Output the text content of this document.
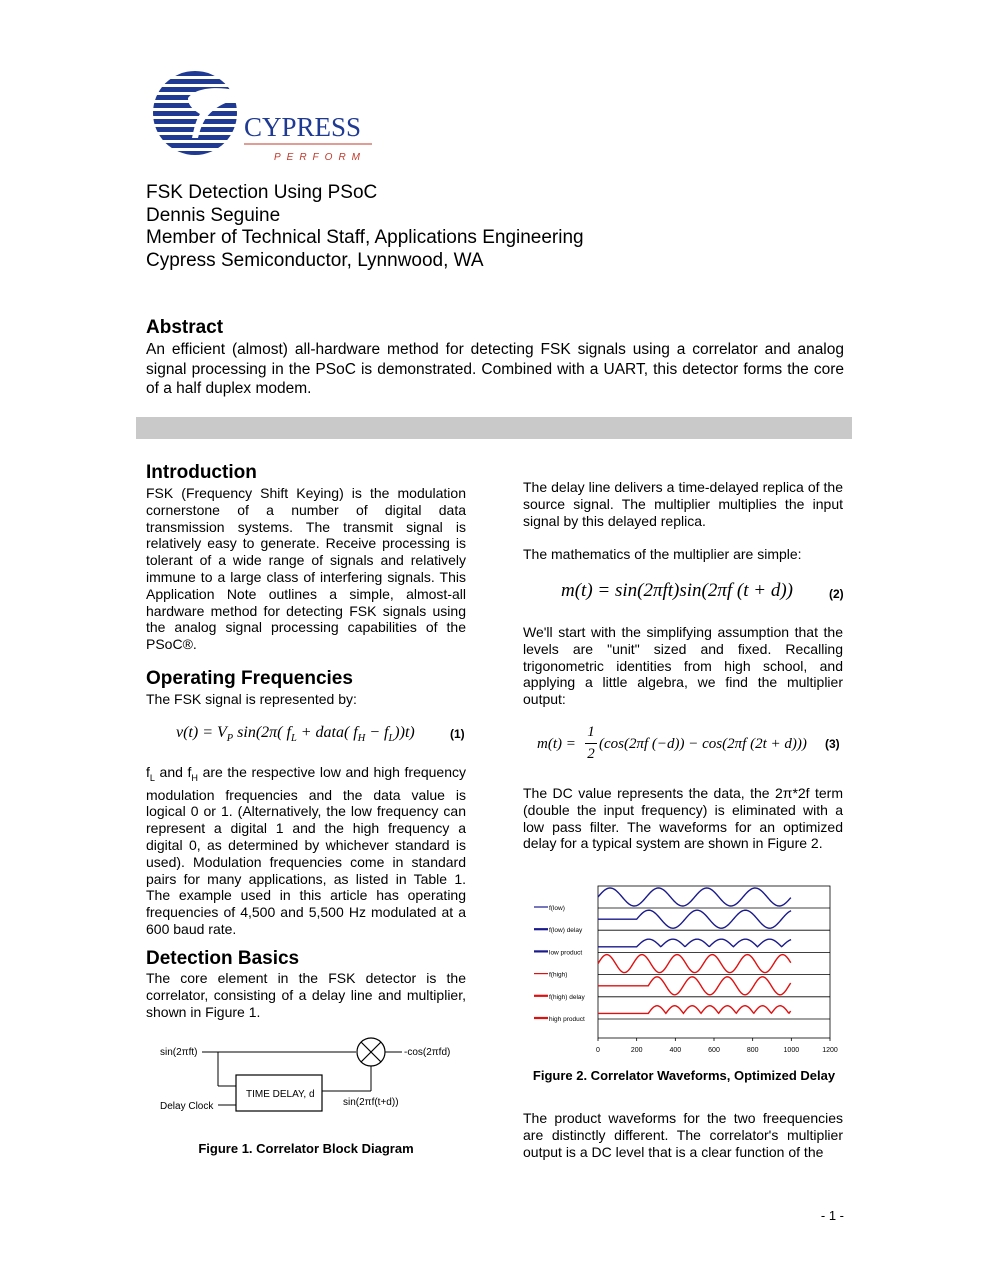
CYPRESS
PERFORM
FSK Detection Using PSoC
Dennis Seguine
Member of Technical Staff, Applications Engineering
Cypress Semiconductor, Lynnwood, WA
Abstract
An efficient (almost) all-hardware method for detecting FSK signals using a correlator and analog signal processing in the PSoC is demonstrated. Combined with a UART, this detector forms the core of a half duplex modem.
Introduction
FSK (Frequency Shift Keying) is the modulation cornerstone of a number of digital data transmission systems. The transmit signal is relatively easy to generate. Receive processing is tolerant of a wide range of signals and relatively immune to a large class of interfering signals. This Application Note outlines a simple, almost-all hardware method for detecting FSK signals using the analog signal processing capabilities of the PSoC®.
Operating Frequencies
The FSK signal is represented by:
$v(t) = V_P$ sin(2π( $f_L$ + data( $f_H - f_L))t$)	(1)
$f_L$ and $f_H$ are the respective low and high frequency modulation frequencies and the data value is logical 0 or 1. (Alternatively, the low frequency can represent a digital 1 and the high frequency a digital 0, as determined by whichever standard is used). Modulation frequencies come in standard pairs for many applications, as listed in Table 1. The example used in this article has operating frequencies of 4,500 and 5,500 Hz modulated at a 600 baud rate.
Detection Basics
The core element in the FSK detector is the correlator, consisting of a delay line and multiplier, shown in Figure 1.
sin(2πft)	-cos(2πfd)
TIME DELAY, d
Delay Clock	sin(2πf(t+d))
Figure 1. Correlator Block Diagram
The delay line delivers a time-delayed replica of the source signal. The multiplier multiplies the input signal by this delayed replica.
The mathematics of the multiplier are simple:
m(t) = sin(2πft)sin(2πf (t + d))	(2)
We'll start with the simplifying assumption that the levels are "unit" sized and fixed. Recalling trigonometric identities from high school, and applying a little algebra, we find the multiplier output:
m(t) =
1
2
(cos(2πf (−d)) − cos(2πf (2t + d))) (3)
The DC value represents the data, the 2π*2f term (double the input frequency) is eliminated with a low pass filter. The waveforms for an optimized delay for a typical system are shown in Figure 2.
f(low)
f(low) delay
low product
f(high)
f(high) delay
high product
0	200	400	600	800	1000	1200
Figure 2. Correlator Waveforms, Optimized Delay
The product waveforms for the two freequencies are distinctly different. The correlator's multiplier output is a DC level that is a clear function of the
- 1 -
